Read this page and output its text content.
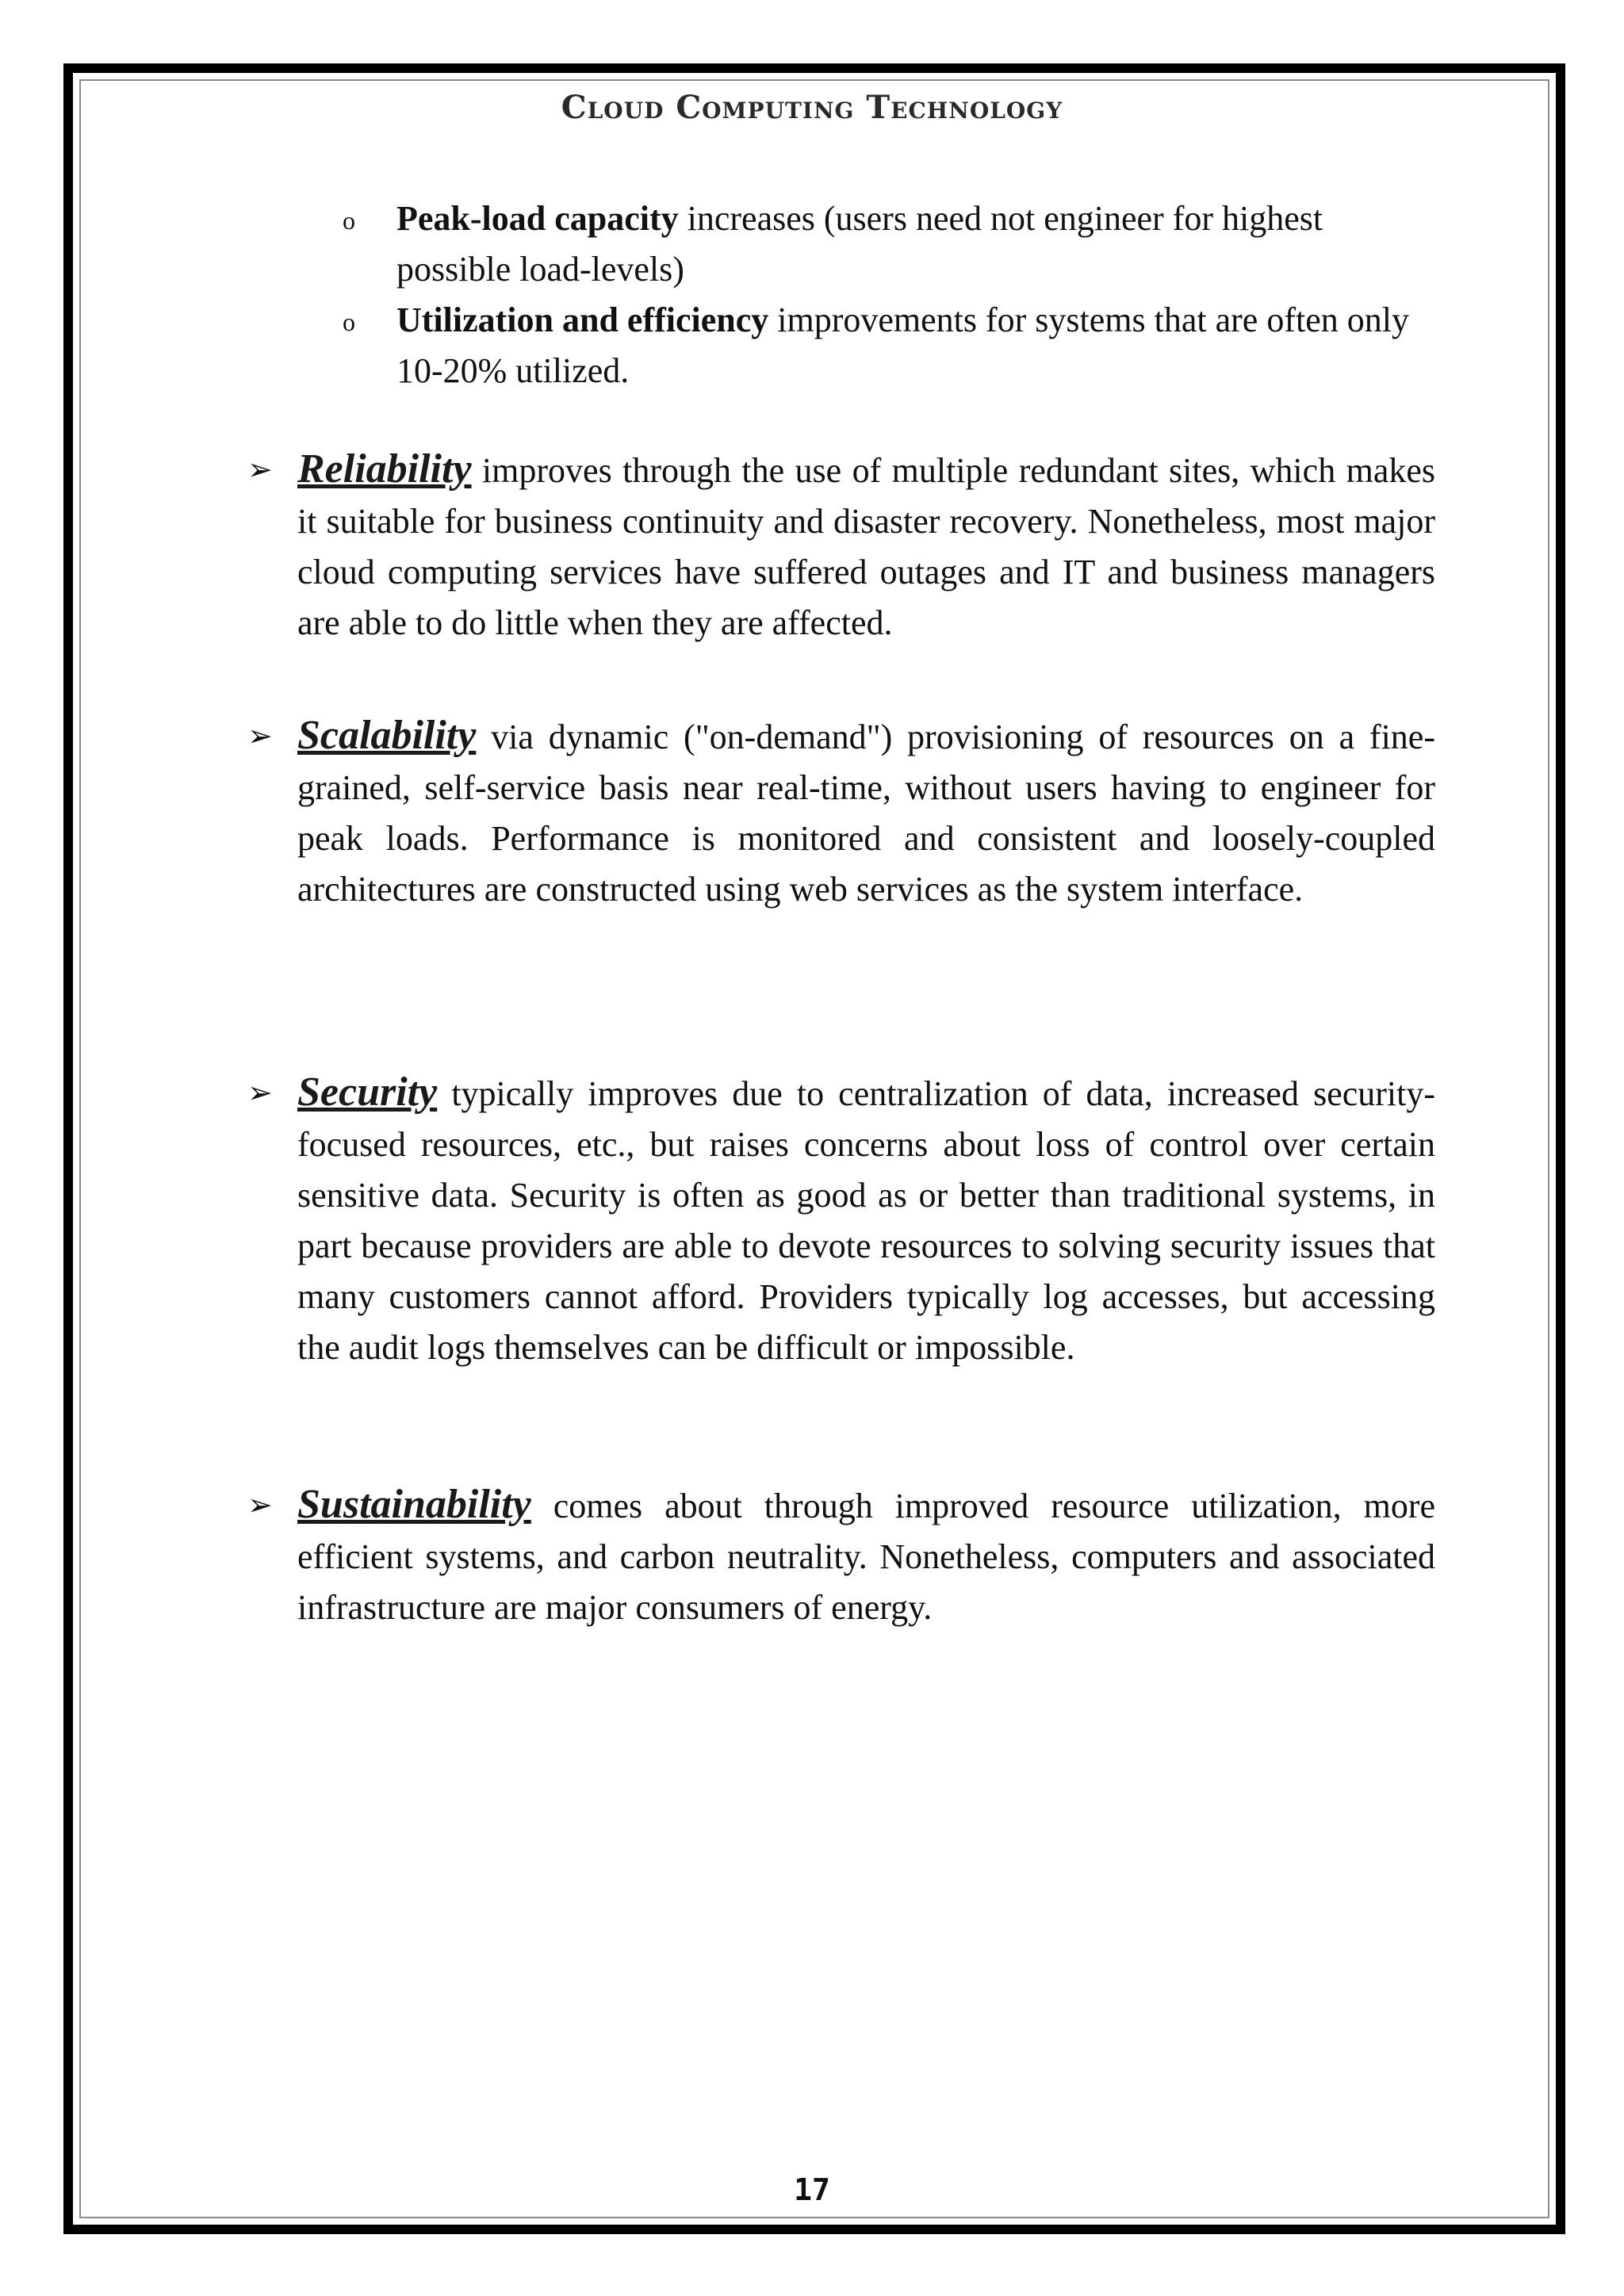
Cloud Computing Technology
o Peak-load capacity increases (users need not engineer for highest possible load-levels)
o Utilization and efficiency improvements for systems that are often only 10-20% utilized.
➢ Reliability improves through the use of multiple redundant sites, which makes it suitable for business continuity and disaster recovery. Nonetheless, most major cloud computing services have suffered outages and IT and business managers are able to do little when they are affected.
➢ Scalability via dynamic ("on-demand") provisioning of resources on a fine-grained, self-service basis near real-time, without users having to engineer for peak loads. Performance is monitored and consistent and loosely-coupled architectures are constructed using web services as the system interface.
➢ Security typically improves due to centralization of data, increased security-focused resources, etc., but raises concerns about loss of control over certain sensitive data. Security is often as good as or better than traditional systems, in part because providers are able to devote resources to solving security issues that many customers cannot afford. Providers typically log accesses, but accessing the audit logs themselves can be difficult or impossible.
➢ Sustainability comes about through improved resource utilization, more efficient systems, and carbon neutrality. Nonetheless, computers and associated infrastructure are major consumers of energy.
17
